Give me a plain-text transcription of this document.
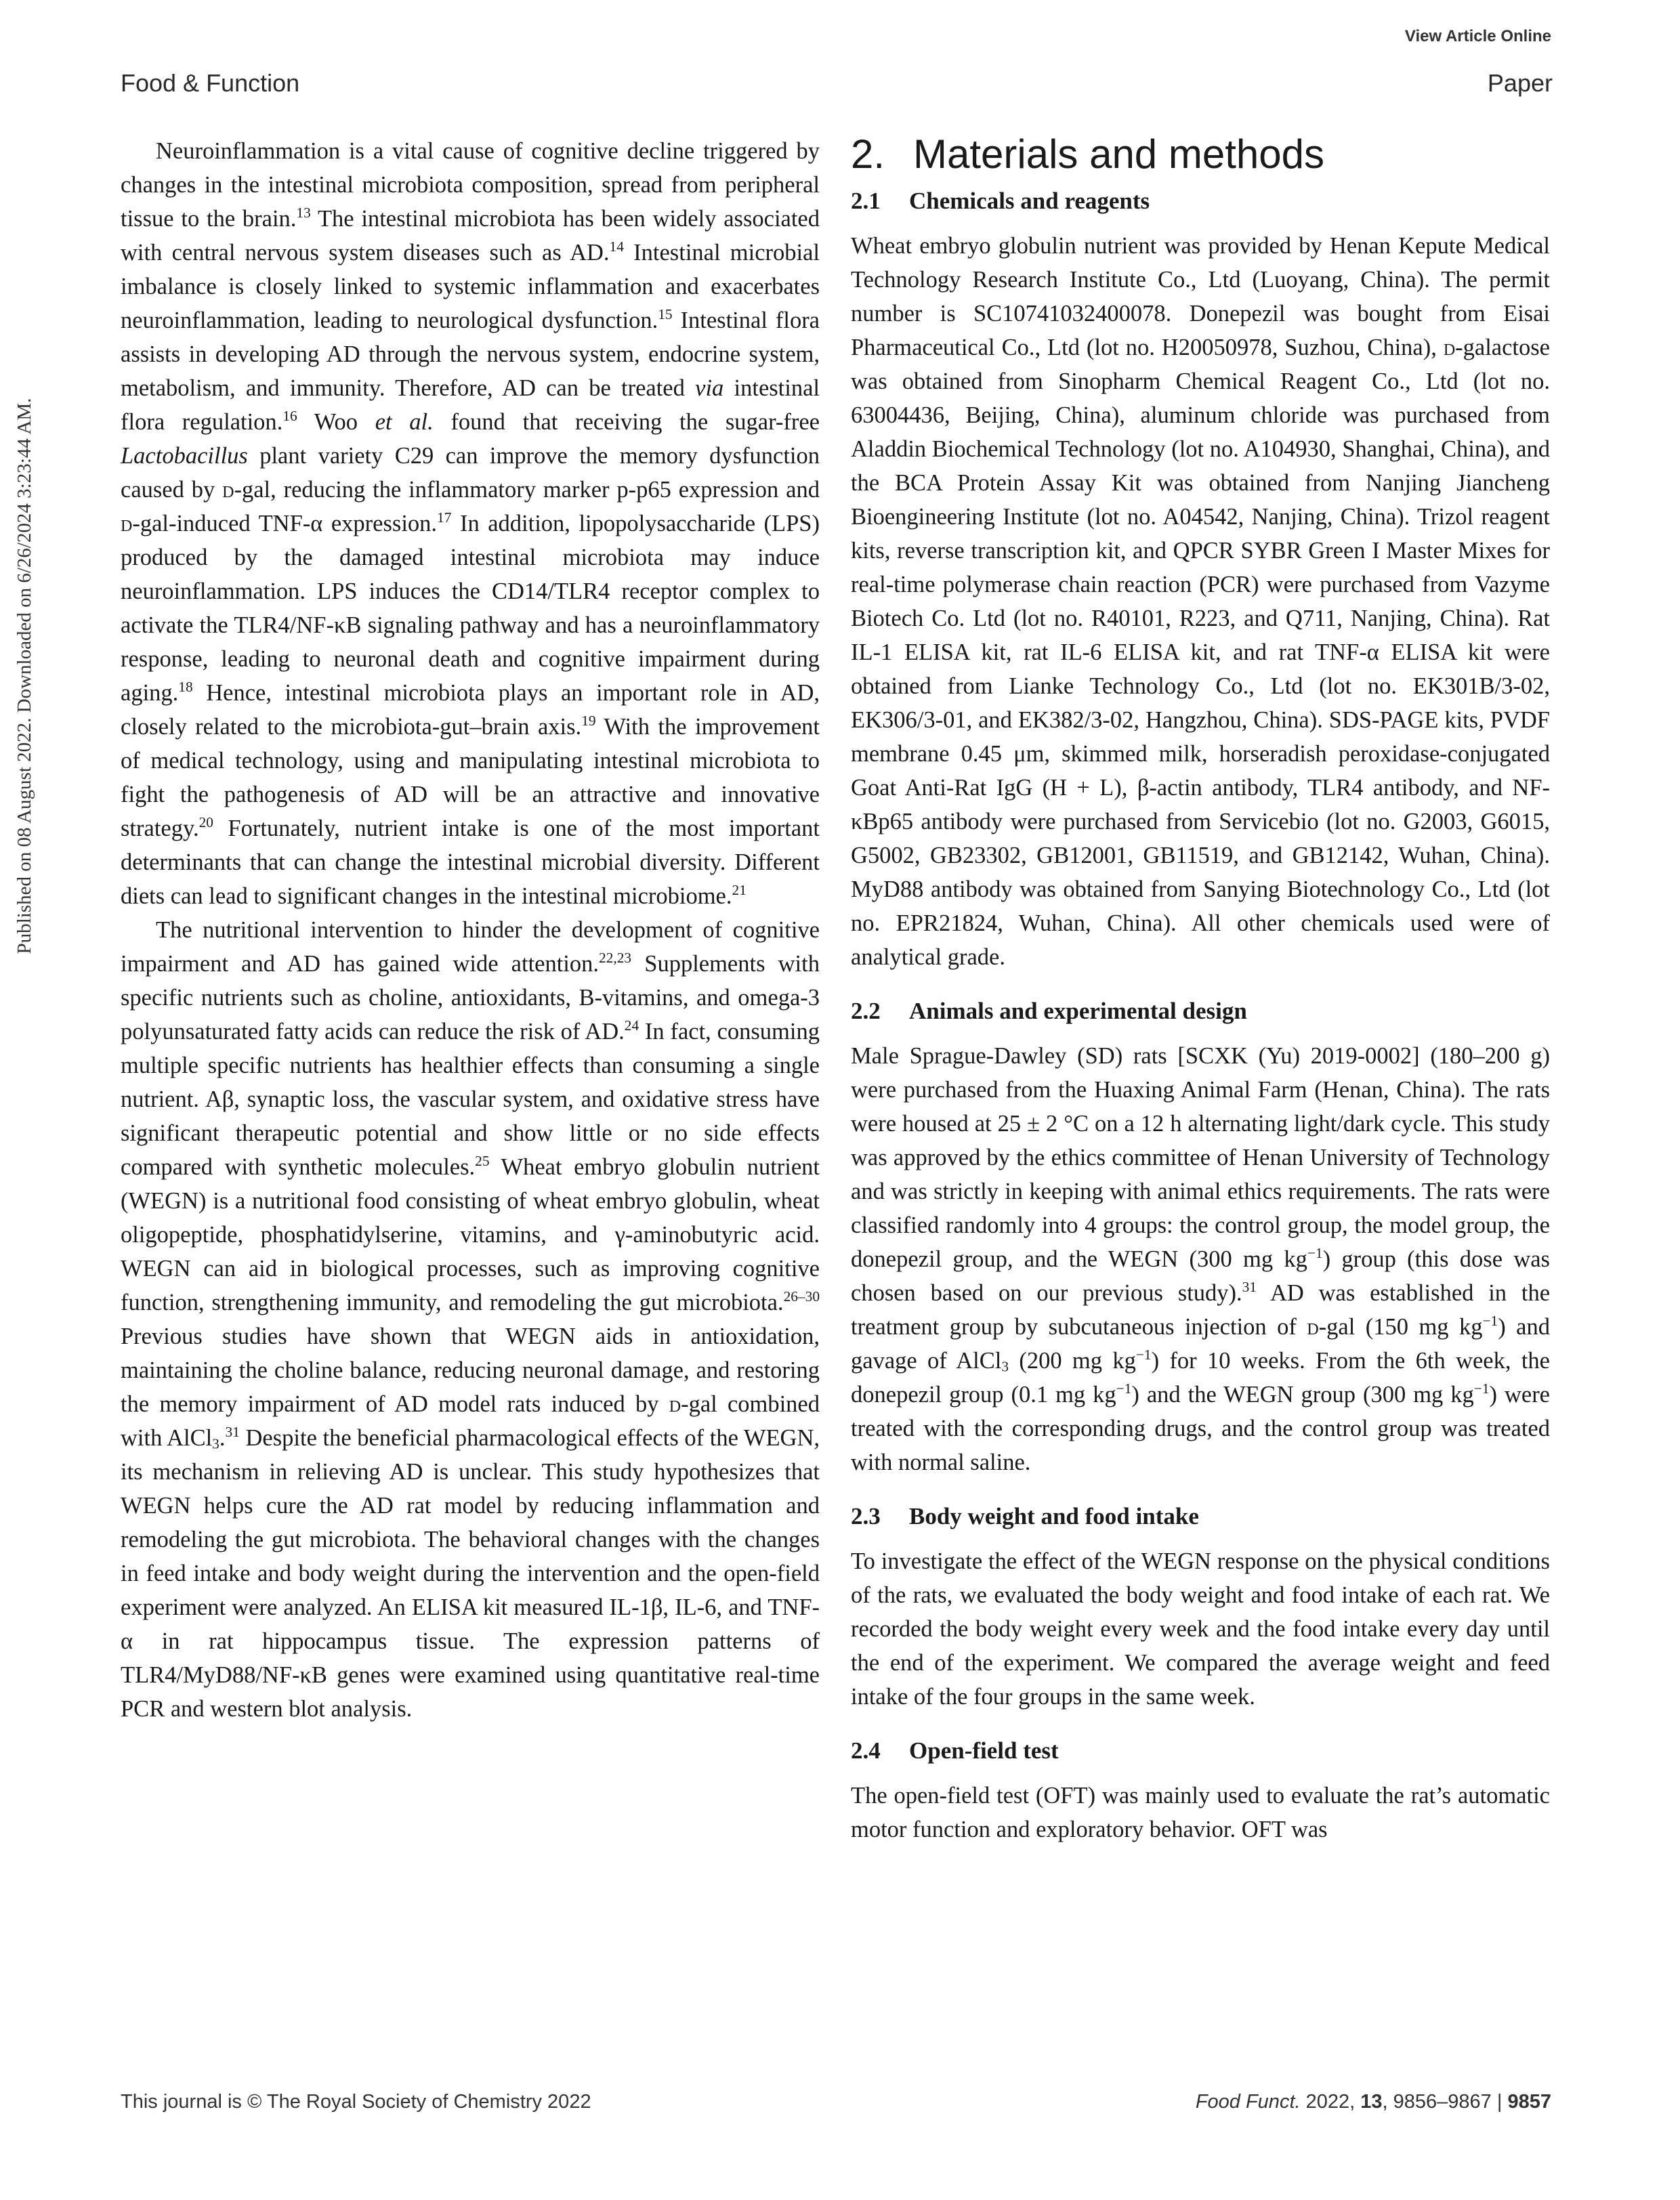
View Article Online
Food & Function	Paper
Published on 08 August 2022. Downloaded on 6/26/2024 3:23:44 AM.

Neuroinflammation is a vital cause of cognitive decline triggered by changes in the intestinal microbiota composition, spread from peripheral tissue to the brain.$^{13}$ The intestinal microbiota has been widely associated with central nervous system diseases such as AD.$^{14}$ Intestinal microbial imbalance is closely linked to systemic inflammation and exacerbates neuroinflammation, leading to neurological dysfunction.$^{15}$ Intestinal flora assists in developing AD through the nervous system, endocrine system, metabolism, and immunity. Therefore, AD can be treated via intestinal flora regulation.$^{16}$ Woo et al. found that receiving the sugar-free Lactobacillus plant variety C29 can improve the memory dysfunction caused by d-gal, reducing the inflammatory marker p-p65 expression and d-gal-induced TNF-α expression.$^{17}$ In addition, lipopolysaccharide (LPS) produced by the damaged intestinal microbiota may induce neuroinflammation. LPS induces the CD14/TLR4 receptor complex to activate the TLR4/NF-κB signaling pathway and has a neuroinflammatory response, leading to neuronal death and cognitive impairment during aging.$^{18}$ Hence, intestinal microbiota plays an important role in AD, closely related to the microbiota-gut–brain axis.$^{19}$ With the improvement of medical technology, using and manipulating intestinal microbiota to fight the pathogenesis of AD will be an attractive and innovative strategy.$^{20}$ Fortunately, nutrient intake is one of the most important determinants that can change the intestinal microbial diversity. Different diets can lead to significant changes in the intestinal microbiome.$^{21}$

The nutritional intervention to hinder the development of cognitive impairment and AD has gained wide attention.$^{22,23}$ Supplements with specific nutrients such as choline, antioxidants, B-vitamins, and omega-3 polyunsaturated fatty acids can reduce the risk of AD.$^{24}$ In fact, consuming multiple specific nutrients has healthier effects than consuming a single nutrient. Aβ, synaptic loss, the vascular system, and oxidative stress have significant therapeutic potential and show little or no side effects compared with synthetic molecules.$^{25}$ Wheat embryo globulin nutrient (WEGN) is a nutritional food consisting of wheat embryo globulin, wheat oligopeptide, phosphatidylserine, vitamins, and γ-aminobutyric acid. WEGN can aid in biological processes, such as improving cognitive function, strengthening immunity, and remodeling the gut microbiota.$^{26-30}$ Previous studies have shown that WEGN aids in antioxidation, maintaining the choline balance, reducing neuronal damage, and restoring the memory impairment of AD model rats induced by d-gal combined with AlCl$_3$.$^{31}$ Despite the beneficial pharmacological effects of the WEGN, its mechanism in relieving AD is unclear. This study hypothesizes that WEGN helps cure the AD rat model by reducing inflammation and remodeling the gut microbiota. The behavioral changes with the changes in feed intake and body weight during the intervention and the open-field experiment were analyzed. An ELISA kit measured IL-1β, IL-6, and TNF-α in rat hippocampus tissue. The expression patterns of TLR4/MyD88/NF-κB genes were examined using quantitative real-time PCR and western blot analysis.

2. Materials and methods
2.1 Chemicals and reagents

Wheat embryo globulin nutrient was provided by Henan Kepute Medical Technology Research Institute Co., Ltd (Luoyang, China). The permit number is SC10741032400078. Donepezil was bought from Eisai Pharmaceutical Co., Ltd (lot no. H20050978, Suzhou, China), d-galactose was obtained from Sinopharm Chemical Reagent Co., Ltd (lot no. 63004436, Beijing, China), aluminum chloride was purchased from Aladdin Biochemical Technology (lot no. A104930, Shanghai, China), and the BCA Protein Assay Kit was obtained from Nanjing Jiancheng Bioengineering Institute (lot no. A04542, Nanjing, China). Trizol reagent kits, reverse transcription kit, and QPCR SYBR Green I Master Mixes for real-time polymerase chain reaction (PCR) were purchased from Vazyme Biotech Co. Ltd (lot no. R40101, R223, and Q711, Nanjing, China). Rat IL-1 ELISA kit, rat IL-6 ELISA kit, and rat TNF-α ELISA kit were obtained from Lianke Technology Co., Ltd (lot no. EK301B/3-02, EK306/3-01, and EK382/3-02, Hangzhou, China). SDS-PAGE kits, PVDF membrane 0.45 μm, skimmed milk, horseradish peroxidase-conjugated Goat Anti-Rat IgG (H + L), β-actin antibody, TLR4 antibody, and NF-κBp65 antibody were purchased from Servicebio (lot no. G2003, G6015, G5002, GB23302, GB12001, GB11519, and GB12142, Wuhan, China). MyD88 antibody was obtained from Sanying Biotechnology Co., Ltd (lot no. EPR21824, Wuhan, China). All other chemicals used were of analytical grade.

2.2 Animals and experimental design

Male Sprague-Dawley (SD) rats [SCXK (Yu) 2019-0002] (180–200 g) were purchased from the Huaxing Animal Farm (Henan, China). The rats were housed at 25 ± 2 °C on a 12 h alternating light/dark cycle. This study was approved by the ethics committee of Henan University of Technology and was strictly in keeping with animal ethics requirements. The rats were classified randomly into 4 groups: the control group, the model group, the donepezil group, and the WEGN (300 mg $kg^{-1}$) group (this dose was chosen based on our previous study).$^{31}$ AD was established in the treatment group by subcutaneous injection of d-gal (150 mg $kg^{-1}$) and gavage of AlCl$_3$ (200 mg $kg^{-1}$) for 10 weeks. From the 6th week, the donepezil group (0.1 mg $kg^{-1}$) and the WEGN group (300 mg $kg^{-1}$) were treated with the corresponding drugs, and the control group was treated with normal saline.

2.3 Body weight and food intake

To investigate the effect of the WEGN response on the physical conditions of the rats, we evaluated the body weight and food intake of each rat. We recorded the body weight every week and the food intake every day until the end of the experiment. We compared the average weight and feed intake of the four groups in the same week.

2.4 Open-field test

The open-field test (OFT) was mainly used to evaluate the rat’s automatic motor function and exploratory behavior. OFT was

This journal is © The Royal Society of Chemistry 2022	Food Funct. 2022, 13, 9856–9867 | 9857
